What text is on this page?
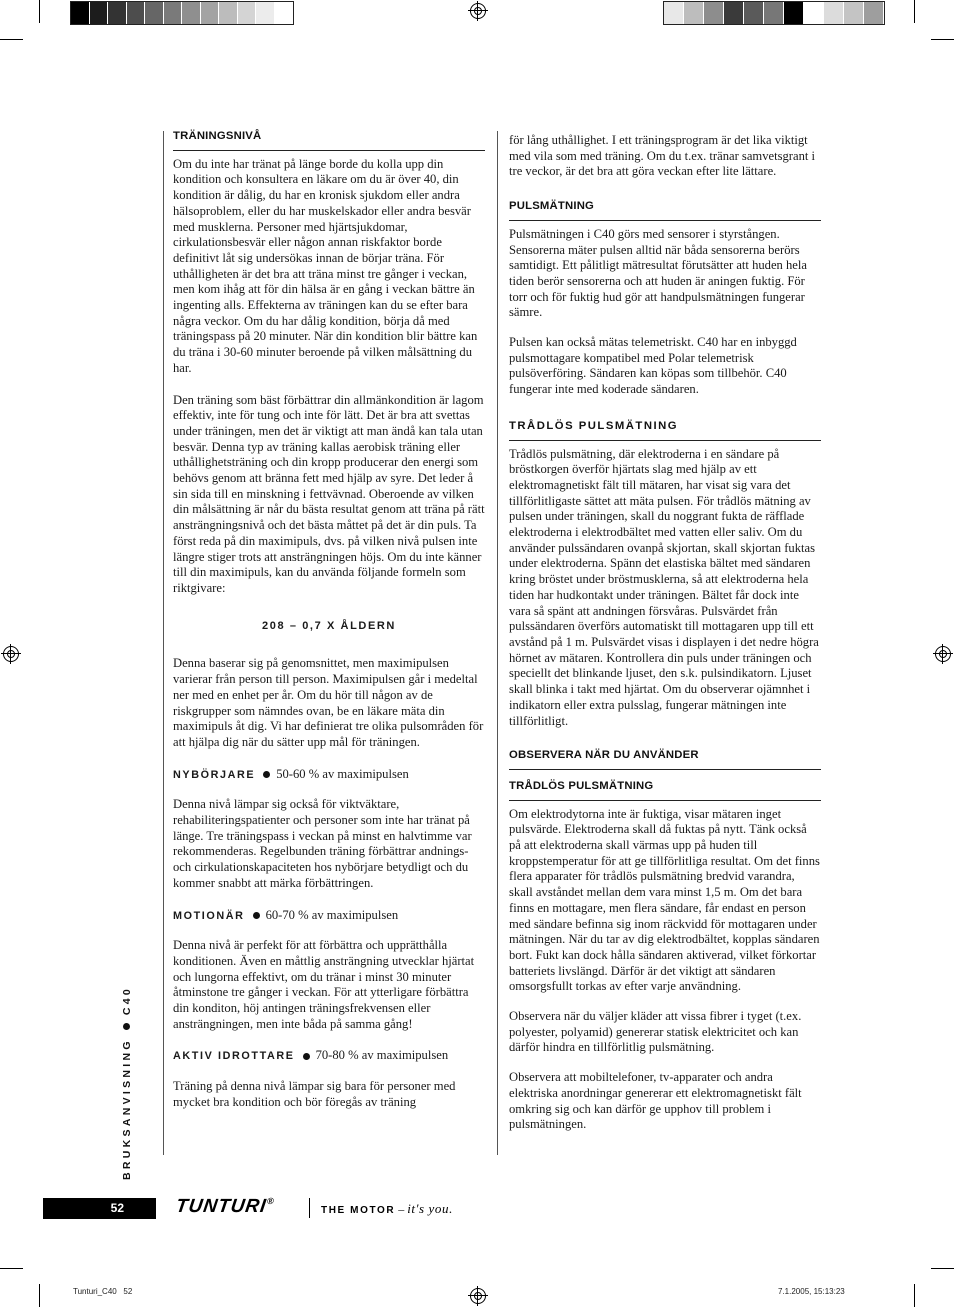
TRÄNINGSNIVÅ

Om du inte har tränat på länge borde du kolla upp din kondition och konsultera en läkare om du är över 40, din kondition är dålig, du har en kronisk sjukdom eller andra hälsoproblem, eller du har muskelskador eller andra besvär med musklerna. Personer med hjärtsjukdomar, cirkulationsbesvär eller någon annan riskfaktor borde definitivt låt sig undersökas innan de börjar träna. För uthålligheten är det bra att träna minst tre gånger i veckan, men kom ihåg att för din hälsa är en gång i veckan bättre än ingenting alls. Effekterna av träningen kan du se efter bara några veckor. Om du har dålig kondition, börja då med träningspass på 20 minuter. När din kondition blir bättre kan du träna i 30-60 minuter beroende på vilken målsättning du har.

Den träning som bäst förbättrar din allmänkondition är lagom effektiv, inte för tung och inte för lätt. Det är bra att svettas under träningen, men det är viktigt att man ändå kan tala utan besvär. Denna typ av träning kallas aerobisk träning eller uthållighetsträning och din kropp producerar den energi som behövs genom att bränna fett med hjälp av syre. Det leder å sin sida till en minskning i fettvävnad. Oberoende av vilken din målsättning är når du bästa resultat genom att träna på rätt ansträngningsnivå och det bästa måttet på det är din puls. Ta först reda på din maximipuls, dvs. på vilken nivå pulsen inte längre stiger trots att ansträngningen höjs. Om du inte känner till din maximipuls, kan du använda följande formeln som riktgivare:

208 – 0,7 X ÅLDERN

Denna baserar sig på genomsnittet, men maximipulsen varierar från person till person. Maximipulsen går i medeltal ner med en enhet per år. Om du hör till någon av de riskgrupper som nämndes ovan, be en läkare mäta din maximipuls åt dig. Vi har definierat tre olika pulsområden för att hjälpa dig när du sätter upp mål för träningen.

NYBÖRJARE 50-60 % av maximipulsen

Denna nivå lämpar sig också för viktväktare, rehabiliteringspatienter och personer som inte har tränat på länge. Tre träningspass i veckan på minst en halvtimme var rekommenderas. Regelbunden träning förbättrar andnings- och cirkulationskapaciteten hos nybörjare betydligt och du kommer snabbt att märka förbättringen.

MOTIONÄR 60-70 % av maximipulsen

Denna nivå är perfekt för att förbättra och upprätthålla konditionen. Även en måttlig ansträngning utvecklar hjärtat och lungorna effektivt, om du tränar i minst 30 minuter åtminstone tre gånger i veckan. För att ytterligare förbättra din konditon, höj antingen träningsfrekvensen eller ansträngningen, men inte båda på samma gång!

AKTIV IDROTTARE 70-80 % av maximipulsen

Träning på denna nivå lämpar sig bara för personer med mycket bra kondition och bör föregås av träning

för lång uthållighet. I ett träningsprogram är det lika viktigt med vila som med träning. Om du t.ex. tränar samvetsgrant i tre veckor, är det bra att göra veckan efter lite lättare.

PULSMÄTNING

Pulsmätningen i C40 görs med sensorer i styrstången. Sensorerna mäter pulsen alltid när båda sensorerna berörs samtidigt. Ett pålitligt mätresultat förutsätter att huden hela tiden berör sensorerna och att huden är aningen fuktig. För torr och för fuktig hud gör att handpulsmätningen fungerar sämre.

Pulsen kan också mätas telemetriskt. C40 har en inbyggd pulsmottagare kompatibel med Polar telemetrisk pulsöverföring. Sändaren kan köpas som tillbehör. C40 fungerar inte med koderade sändaren.

TRÅDLÖS PULSMÄTNING

Trådlös pulsmätning, där elektroderna i en sändare på bröstkorgen överför hjärtats slag med hjälp av ett elektromagnetiskt fält till mätaren, har visat sig vara det tillförlitligaste sättet att mäta pulsen. För trådlös mätning av pulsen under träningen, skall du noggrant fukta de räfflade elektroderna i elektrodbältet med vatten eller saliv. Om du använder pulssändaren ovanpå skjortan, skall skjortan fuktas under elektroderna. Spänn det elastiska bältet med sändaren kring bröstet under bröstmusklerna, så att elektroderna hela tiden har hudkontakt under träningen. Bältet får dock inte vara så spänt att andningen försvåras. Pulsvärdet från pulssändaren överförs automatiskt till mottagaren upp till ett avstånd på 1 m. Pulsvärdet visas i displayen i det nedre högra hörnet av mätaren. Kontrollera din puls under träningen och speciellt det blinkande ljuset, den s.k. pulsindikatorn. Ljuset skall blinka i takt med hjärtat. Om du observerar ojämnhet i indikatorn eller extra pulsslag, fungerar mätningen inte tillförlitligt.

OBSERVERA NÄR DU ANVÄNDER
TRÅDLÖS PULSMÄTNING

Om elektrodytorna inte är fuktiga, visar mätaren inget pulsvärde. Elektroderna skall då fuktas på nytt. Tänk också på att elektroderna skall värmas upp på huden till kroppstemperatur för att ge tillförlitliga resultat. Om det finns flera apparater för trådlös pulsmätning bredvid varandra, skall avståndet mellan dem vara minst 1,5 m. Om det bara finns en mottagare, men flera sändare, får endast en person med sändare befinna sig inom räckvidd för mottagaren under mätningen. När du tar av dig elektrodbältet, kopplas sändaren bort. Fukt kan dock hålla sändaren aktiverad, vilket förkortar batteriets livslängd. Därför är det viktigt att sändaren omsorgsfullt torkas av efter varje användning.

Observera när du väljer kläder att vissa fibrer i tyget (t.ex. polyester, polyamid) genererar statisk elektricitet och kan därför hindra en tillförlitlig pulsmätning.

Observera att mobiltelefoner, tv-apparater och andra elektriska anordningar genererar ett elektromagnetiskt fält omkring sig och kan därför ge upphov till problem i pulsmätningen.

BRUKSANVISNINGC40
52	TUNTURI®
THE MOTOR – it's you.
Tunturi_C40   52	7.1.2005, 15:13:23
